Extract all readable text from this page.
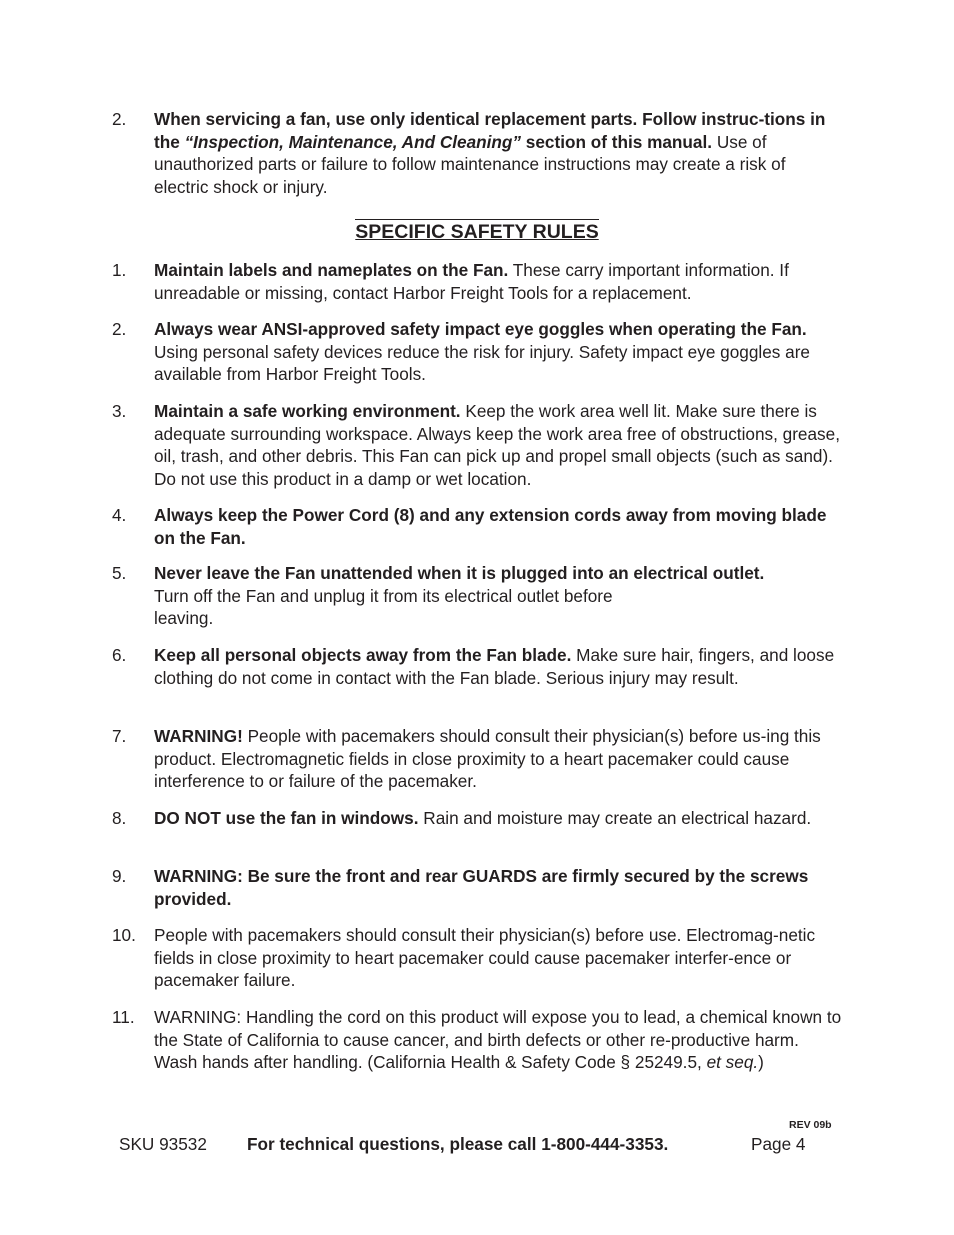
2.	When servicing a fan, use only identical replacement parts. Follow instruc-tions in the “Inspection, Maintenance, And Cleaning” section of this manual. Use of unauthorized parts or failure to follow maintenance instructions may create a risk of electric shock or injury.
SPECIFIC SAFETY RULES
1.	Maintain labels and nameplates on the Fan. These carry important information. If unreadable or missing, contact Harbor Freight Tools for a replacement.
2.	Always wear ANSI-approved safety impact eye goggles when operating the Fan. Using personal safety devices reduce the risk for injury. Safety impact eye goggles are available from Harbor Freight Tools.
3.	Maintain a safe working environment. Keep the work area well lit. Make sure there is adequate surrounding workspace. Always keep the work area free of obstructions, grease, oil, trash, and other debris. This Fan can pick up and propel small objects (such as sand). Do not use this product in a damp or wet location.
4.	Always keep the Power Cord (8) and any extension cords away from moving blade on the Fan.
5.	Never leave the Fan unattended when it is plugged into an electrical outlet.Turn off the Fan and unplug it from its electrical outlet before leaving.
6.	Keep all personal objects away from the Fan blade. Make sure hair, fingers, and loose clothing do not come in contact with the Fan blade. Serious injury may result.
7.	WARNING! People with pacemakers should consult their physician(s) before us-ing this product. Electromagnetic fields in close proximity to a heart pacemaker could cause interference to or failure of the pacemaker.
8.	DO NOT use the fan in windows. Rain and moisture may create an electrical hazard.
9.	WARNING: Be sure the front and rear GUARDS are firmly secured by the screws provided.
10.	People with pacemakers should consult their physician(s) before use. Electromag-netic fields in close proximity to heart pacemaker could cause pacemaker interfer-ence or pacemaker failure.
11.	WARNING: Handling the cord on this product will expose you to lead, a chemical known to the State of California to cause cancer, and birth defects or other re-productive harm. Wash hands after handling. (California Health & Safety Code § 25249.5, et seq.)
REV 09b
SKU 93532 For technical questions, please call 1-800-444-3353.	Page 4
